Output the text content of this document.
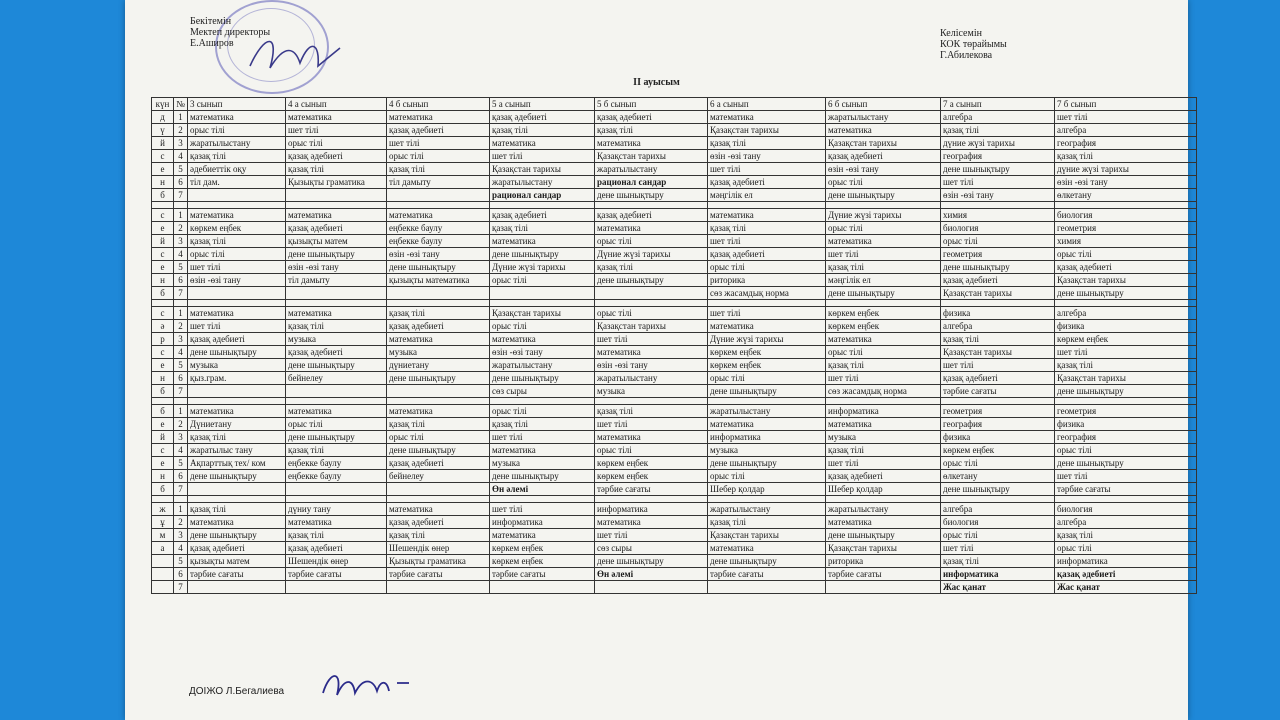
Бекітемін
Мектеп директоры
Е.Аширов
Келісемін
КОК төрайымы
Г.Абилекова
II ауысым
күн	№	3 сынып	4 а сынып	4 б сынып	5 а сынып	5 б сынып	6 а сынып	6 б сынып	7 а сынып	7 б сынып
д	1	математика	математика	математика	қазақ әдебиеті	қазақ әдебиеті	математика	жаратылыстану	алгебра	шет тілі
ү	2	орыс тілі	шет тілі	қазақ әдебиеті	қазақ тілі	қазақ тілі	Қазақстан тарихы	математика	қазақ тілі	алгебра
й	3	жаратылыстану	орыс тілі	шет тілі	математика	математика	қазақ тілі	Қазақстан тарихы	дүние жүзі тарихы	география
с	4	қазақ тілі	қазақ әдебиеті	орыс тілі	шет тілі	Қазақстан тарихы	өзін -өзі тану	қазақ әдебиеті	география	қазақ тілі
е	5	әдебиеттік оқу	қазақ тілі	қазақ тілі	Қазақстан тарихы	жаратылыстану	шет тілі	өзін -өзі тану	дене шынықтыру	дүние жүзі тарихы
н	6	тіл дам.	Қызықты граматика	тіл дамыту	жаратылыстану	рационал сандар	қазақ әдебиеті	орыс тілі	шет тілі	өзін -өзі тану
б	7				рационал сандар	дене шынықтыру	мәңгілік ел	дене шынықтыру	өзін -өзі тану	өлкетану

с	1	математика	математика	математика	қазақ әдебиеті	қазақ әдебиеті	математика	Дүние жүзі тарихы	химия	биология
е	2	көркем еңбек	қазақ әдебиеті	еңбекке баулу	қазақ тілі	математика	қазақ тілі	орыс тілі	биология	геометрия
й	3	қазақ тілі	қызықты матем	еңбекке баулу	математика	орыс тілі	шет тілі	математика	орыс тілі	химия
с	4	орыс тілі	дене шынықтыру	өзін -өзі тану	дене шынықтыру	Дүние жүзі тарихы	қазақ әдебиеті	шет тілі	геометрия	орыс тілі
е	5	шет тілі	өзін -өзі тану	дене шынықтыру	Дүние жүзі тарихы	қазақ тілі	орыс тілі	қазақ тілі	дене шынықтыру	қазақ әдебиеті
н	6	өзін -өзі тану	тіл дамыту	қызықты математика	орыс тілі	дене шынықтыру	риторика	мәңгілік ел	қазақ әдебиеті	Қазақстан тарихы
б	7						сөз жасамдық норма	дене шынықтыру	Қазақстан тарихы	дене шынықтыру

с	1	математика	математика	қазақ тілі	Қазақстан тарихы	орыс тілі	шет тілі	көркем еңбек	физика	алгебра
ә	2	шет тілі	қазақ тілі	қазақ әдебиеті	орыс тілі	Қазақстан тарихы	математика	көркем еңбек	алгебра	физика
р	3	қазақ әдебиеті	музыка	математика	математика	шет тілі	Дүние жүзі тарихы	математика	қазақ тілі	көркем еңбек
с	4	дене шынықтыру	қазақ әдебиеті	музыка	өзін -өзі тану	математика	көркем еңбек	орыс тілі	Қазақстан тарихы	шет тілі
е	5	музыка	дене шынықтыру	дүниетану	жаратылыстану	өзін -өзі тану	көркем еңбек	қазақ тілі	шет тілі	қазақ тілі
н	6	қыз.грам.	бейнелеу	дене шынықтыру	дене шынықтыру	жаратылыстану	орыс тілі	шет тілі	қазақ әдебиеті	Қазақстан тарихы
б	7				сөз сыры	музыка	дене шынықтыру	сөз жасамдық норма	тәрбие сағаты	дене шынықтыру

б	1	математика	математика	математика	орыс тілі	қазақ тілі	жаратылыстану	информатика	геометрия	геометрия
е	2	Дүниетану	орыс тілі	қазақ тілі	қазақ тілі	шет тілі	математика	математика	география	физика
й	3	қазақ тілі	дене шынықтыру	орыс тілі	шет тілі	математика	информатика	музыка	физика	география
с	4	жаратылыс тану	қазақ тілі	дене шынықтыру	математика	орыс тілі	музыка	қазақ тілі	көркем еңбек	орыс тілі
е	5	Ақпарттық тех/ ком	еңбекке баулу	қазақ әдебиеті	музыка	көркем еңбек	дене шынықтыру	шет тілі	орыс тілі	дене шынықтыру
н	6	дене шынықтыру	еңбекке баулу	бейнелеу	дене шынықтыру	көркем еңбек	орыс тілі	қазақ әдебиеті	өлкетану	шет тілі
б	7				Өн әлемі	тәрбие сағаты	Шебер қолдар	Шебер қолдар	дене шынықтыру	тәрбие сағаты

ж	1	қазақ тілі	дүниу тану	математика	шет тілі	информатика	жаратылыстану	жаратылыстану	алгебра	биология
ұ	2	математика	математика	қазақ әдебиеті	информатика	математика	қазақ тілі	математика	биология	алгебра
м	3	дене шынықтыру	қазақ тілі	қазақ тілі	математика	шет тілі	Қазақстан тарихы	дене шынықтыру	орыс тілі	қазақ тілі
а	4	қазақ әдебиеті	қазақ әдебиеті	Шешендік өнер	көркем еңбек	сөз сыры	математика	Қазақстан тарихы	шет тілі	орыс тілі
	5	қызықты матем	Шешендік өнер	Қызықты граматика	көркем еңбек	дене шынықтыру	дене шынықтыру	риторика	қазақ тілі	информатика
	6	тәрбие сағаты	тәрбие сағаты	тәрбие сағаты	тәрбие сағаты	Өн әлемі	тәрбие сағаты	тәрбие сағаты	информатика	қазақ әдебиеті
	7								Жас қанат	Жас қанат
ДОІЖО Л.Бегалиева
